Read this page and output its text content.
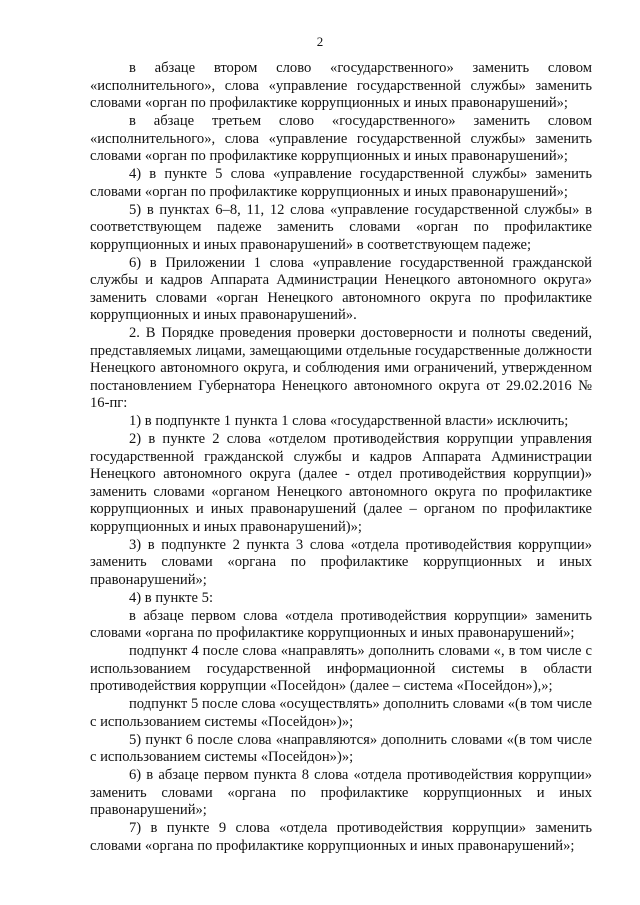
2

в абзаце втором слово «государственного» заменить словом «исполнительного», слова «управление государственной службы» заменить словами «орган по профилактике коррупционных и иных правонарушений»;

в абзаце третьем слово «государственного» заменить словом «исполнительного», слова «управление государственной службы» заменить словами «орган по профилактике коррупционных и иных правонарушений»;

4) в пункте 5 слова «управление государственной службы» заменить словами «орган по профилактике коррупционных и иных правонарушений»;

5) в пунктах 6–8, 11, 12 слова «управление государственной службы» в соответствующем падеже заменить словами «орган по профилактике коррупционных и иных правонарушений» в соответствующем падеже;

6) в Приложении 1 слова «управление государственной гражданской службы и кадров Аппарата Администрации Ненецкого автономного округа» заменить словами «орган Ненецкого автономного округа по профилактике коррупционных и иных правонарушений».

2. В Порядке проведения проверки достоверности и полноты сведений, представляемых лицами, замещающими отдельные государственные должности Ненецкого автономного округа, и соблюдения ими ограничений, утвержденном постановлением Губернатора Ненецкого автономного округа от 29.02.2016 № 16-пг:

1) в подпункте 1 пункта 1 слова «государственной власти» исключить;

2) в пункте 2 слова «отделом противодействия коррупции управления государственной гражданской службы и кадров Аппарата Администрации Ненецкого автономного округа (далее - отдел противодействия коррупции)» заменить словами «органом Ненецкого автономного округа по профилактике коррупционных и иных правонарушений (далее – органом по профилактике коррупционных и иных правонарушений)»;

3) в подпункте 2 пункта 3 слова «отдела противодействия коррупции» заменить словами «органа по профилактике коррупционных и иных правонарушений»;

4) в пункте 5:

в абзаце первом слова «отдела противодействия коррупции» заменить словами «органа по профилактике коррупционных и иных правонарушений»;

подпункт 4 после слова «направлять» дополнить словами «, в том числе с использованием государственной информационной системы в области противодействия коррупции «Посейдон» (далее – система «Посейдон»),»;

подпункт 5 после слова «осуществлять» дополнить словами «(в том числе с использованием системы «Посейдон»)»;

5) пункт 6 после слова «направляются» дополнить словами «(в том числе с использованием системы «Посейдон»)»;

6) в абзаце первом пункта 8 слова «отдела противодействия коррупции» заменить словами «органа по профилактике коррупционных и иных правонарушений»;

7) в пункте 9 слова «отдела противодействия коррупции» заменить словами «органа по профилактике коррупционных и иных правонарушений»;
